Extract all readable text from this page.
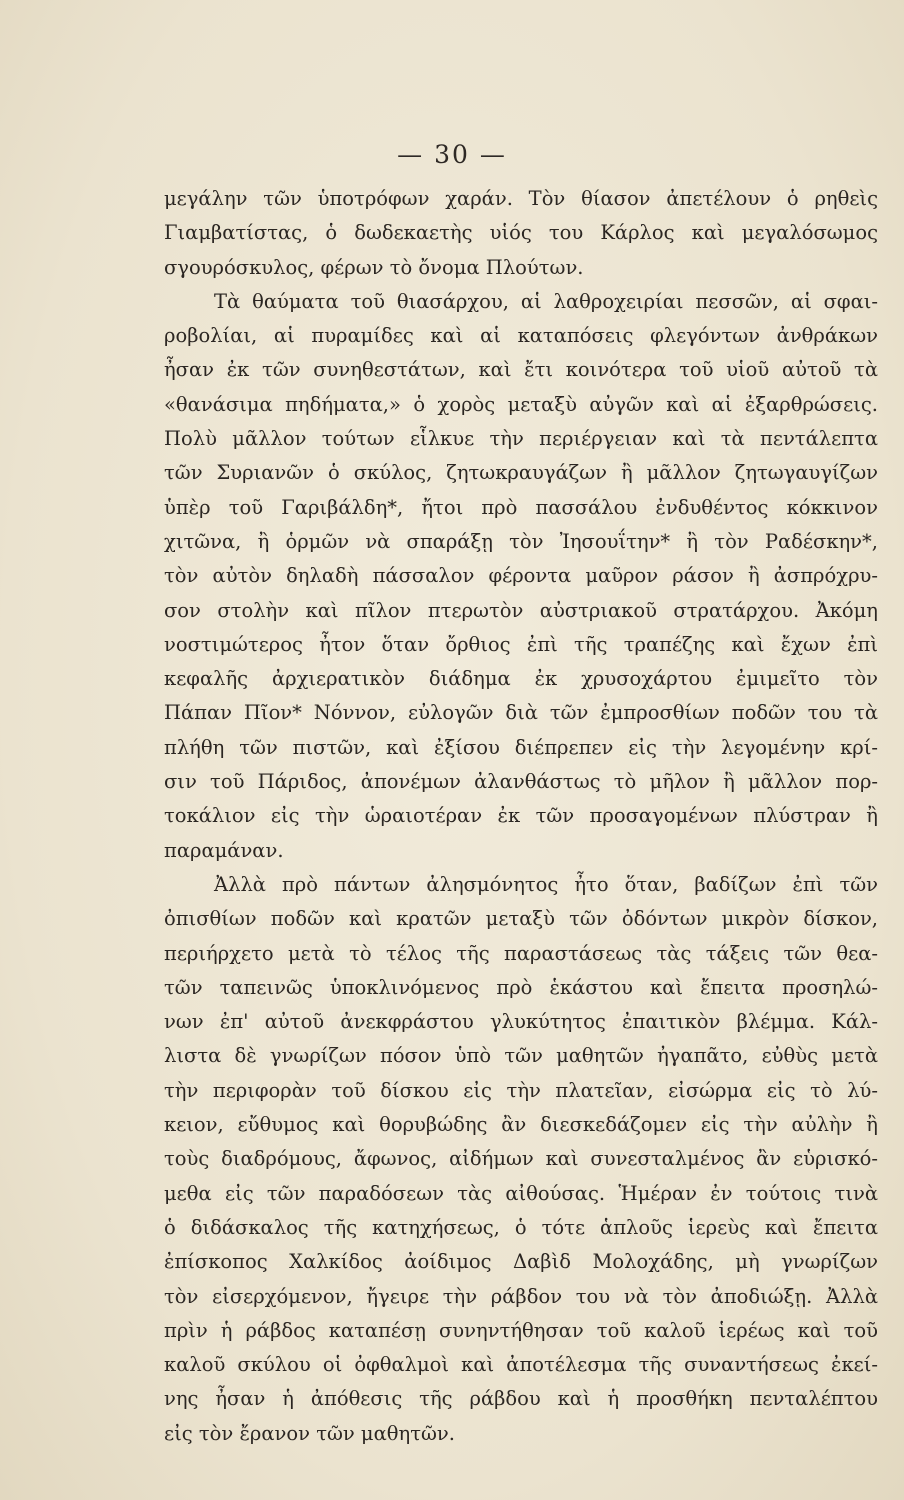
— 30 —
μεγάλην τῶν ὑποτρόφων χαράν. Τὸν θίασον ἀπετέλουν ὁ ρηθεὶς
Γιαμβατίστας, ὁ δωδεκαετὴς υἱός του Κάρλος καὶ μεγαλόσωμος
σγουρόσκυλος, φέρων τὸ ὄνομα Πλούτων.
Τὰ θαύματα τοῦ θιασάρχου, αἱ λαθροχειρίαι πεσσῶν, αἱ σφαι-
ροβολίαι, αἱ πυραμίδες καὶ αἱ καταπόσεις φλεγόντων ἀνθράκων
ἦσαν ἐκ τῶν συνηθεστάτων, καὶ ἔτι κοινότερα τοῦ υἱοῦ αὐτοῦ τὰ
«θανάσιμα πηδήματα,» ὁ χορὸς μεταξὺ αὐγῶν καὶ αἱ ἐξαρθρώσεις.
Πολὺ μᾶλλον τούτων εἷλκυε τὴν περιέργειαν καὶ τὰ πεντάλεπτα
τῶν Συριανῶν ὁ σκύλος, ζητωκραυγάζων ἢ μᾶλλον ζητωγαυγίζων
ὑπὲρ τοῦ Γαριβάλδη*, ἤτοι πρὸ πασσάλου ἐνδυθέντος κόκκινον
χιτῶνα, ἢ ὁρμῶν νὰ σπαράξῃ τὸν Ἰησουΐτην* ἢ τὸν Ραδέσκην*,
τὸν αὐτὸν δηλαδὴ πάσσαλον φέροντα μαῦρον ράσον ἢ ἀσπρόχρυ-
σον στολὴν καὶ πῖλον πτερωτὸν αὐστριακοῦ στρατάρχου. Ἀκόμη
νοστιμώτερος ἦτον ὅταν ὄρθιος ἐπὶ τῆς τραπέζης καὶ ἔχων ἐπὶ
κεφαλῆς ἀρχιερατικὸν διάδημα ἐκ χρυσοχάρτου ἐμιμεῖτο τὸν
Πάπαν Πῖον* Νόννον, εὐλογῶν διὰ τῶν ἐμπροσθίων ποδῶν του τὰ
πλήθη τῶν πιστῶν, καὶ ἐξίσου διέπρεπεν εἰς τὴν λεγομένην κρί-
σιν τοῦ Πάριδος, ἀπονέμων ἀλανθάστως τὸ μῆλον ἢ μᾶλλον πορ-
τοκάλιον εἰς τὴν ὡραιοτέραν ἐκ τῶν προσαγομένων πλύστραν ἢ
παραμάναν.
Ἀλλὰ πρὸ πάντων ἀλησμόνητος ἦτο ὅταν, βαδίζων ἐπὶ τῶν
ὀπισθίων ποδῶν καὶ κρατῶν μεταξὺ τῶν ὀδόντων μικρὸν δίσκον,
περιήρχετο μετὰ τὸ τέλος τῆς παραστάσεως τὰς τάξεις τῶν θεα-
τῶν ταπεινῶς ὑποκλινόμενος πρὸ ἑκάστου καὶ ἔπειτα προσηλώ-
νων ἐπ' αὐτοῦ ἀνεκφράστου γλυκύτητος ἐπαιτικὸν βλέμμα. Κάλ-
λιστα δὲ γνωρίζων πόσον ὑπὸ τῶν μαθητῶν ἠγαπᾶτο, εὐθὺς μετὰ
τὴν περιφορὰν τοῦ δίσκου εἰς τὴν πλατεῖαν, εἰσώρμα εἰς τὸ λύ-
κειον, εὔθυμος καὶ θορυβώδης ἂν διεσκεδάζομεν εἰς τὴν αὐλὴν ἢ
τοὺς διαδρόμους, ἄφωνος, αἰδήμων καὶ συνεσταλμένος ἂν εὑρισκό-
μεθα εἰς τῶν παραδόσεων τὰς αἰθούσας. Ἡμέραν ἐν τούτοις τινὰ
ὁ διδάσκαλος τῆς κατηχήσεως, ὁ τότε ἁπλοῦς ἱερεὺς καὶ ἔπειτα
ἐπίσκοπος Χαλκίδος ἀοίδιμος Δαβὶδ Μολοχάδης, μὴ γνωρίζων
τὸν εἰσερχόμενον, ἤγειρε τὴν ράβδον του νὰ τὸν ἀποδιώξῃ. Ἀλλὰ
πρὶν ἡ ράβδος καταπέσῃ συνηντήθησαν τοῦ καλοῦ ἱερέως καὶ τοῦ
καλοῦ σκύλου οἱ ὀφθαλμοὶ καὶ ἀποτέλεσμα τῆς συναντήσεως ἐκεί-
νης ἦσαν ἡ ἀπόθεσις τῆς ράβδου καὶ ἡ προσθήκη πενταλέπτου
εἰς τὸν ἔρανον τῶν μαθητῶν.
